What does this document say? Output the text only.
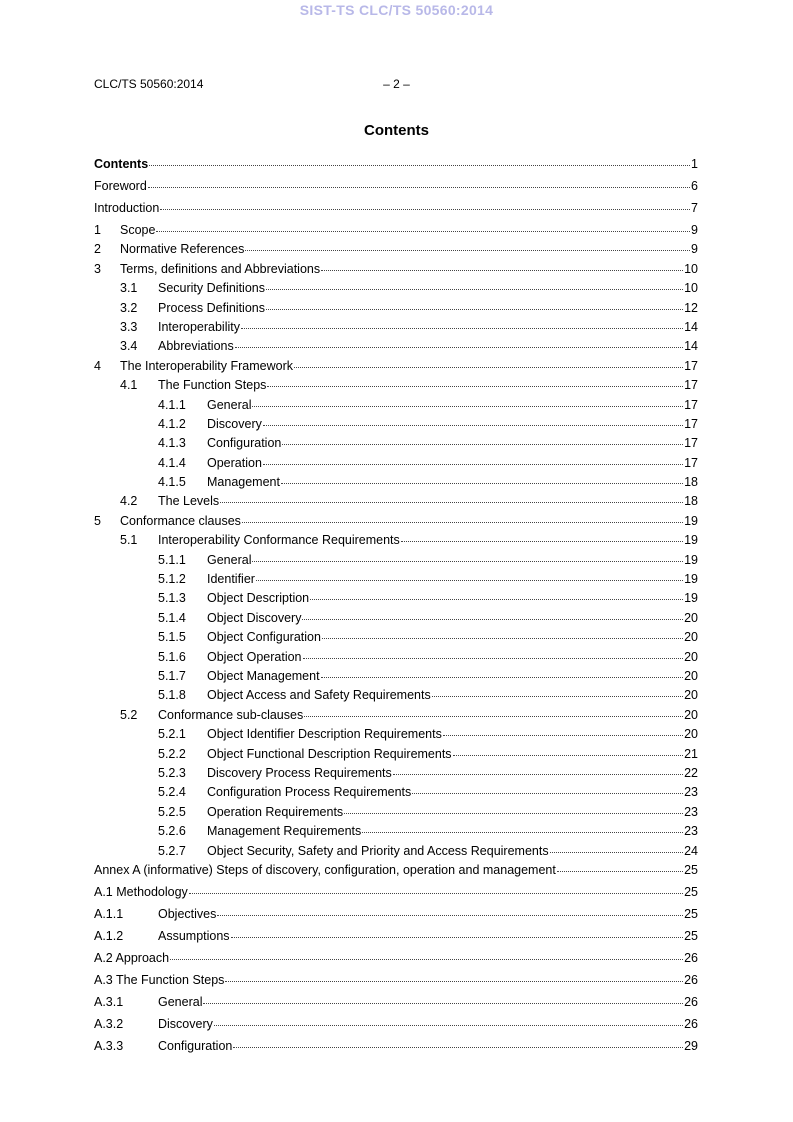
SIST-TS CLC/TS 50560:2014
CLC/TS 50560:2014	– 2 –
Contents
Contents	1
Foreword	6
Introduction	7
1	Scope	9
2	Normative References	9
3	Terms, definitions and Abbreviations	10
3.1	Security Definitions	10
3.2	Process Definitions	12
3.3	Interoperability	14
3.4	Abbreviations	14
4	The Interoperability Framework	17
4.1	The Function Steps	17
4.1.1	General	17
4.1.2	Discovery	17
4.1.3	Configuration	17
4.1.4	Operation	17
4.1.5	Management	18
4.2	The Levels	18
5	Conformance clauses	19
5.1	Interoperability Conformance Requirements	19
5.1.1	General	19
5.1.2	Identifier	19
5.1.3	Object Description	19
5.1.4	Object Discovery	20
5.1.5	Object Configuration	20
5.1.6	Object Operation	20
5.1.7	Object Management	20
5.1.8	Object Access and Safety Requirements	20
5.2	Conformance sub-clauses	20
5.2.1	Object Identifier Description Requirements	20
5.2.2	Object Functional Description Requirements	21
5.2.3	Discovery Process Requirements	22
5.2.4	Configuration Process Requirements	23
5.2.5	Operation Requirements	23
5.2.6	Management Requirements	23
5.2.7	Object Security, Safety and Priority and Access Requirements	24
Annex A (informative) Steps of discovery, configuration, operation and management	25
A.1 Methodology	25
A.1.1	Objectives	25
A.1.2	Assumptions	25
A.2 Approach	26
A.3 The Function Steps	26
A.3.1	General	26
A.3.2	Discovery	26
A.3.3	Configuration	29
